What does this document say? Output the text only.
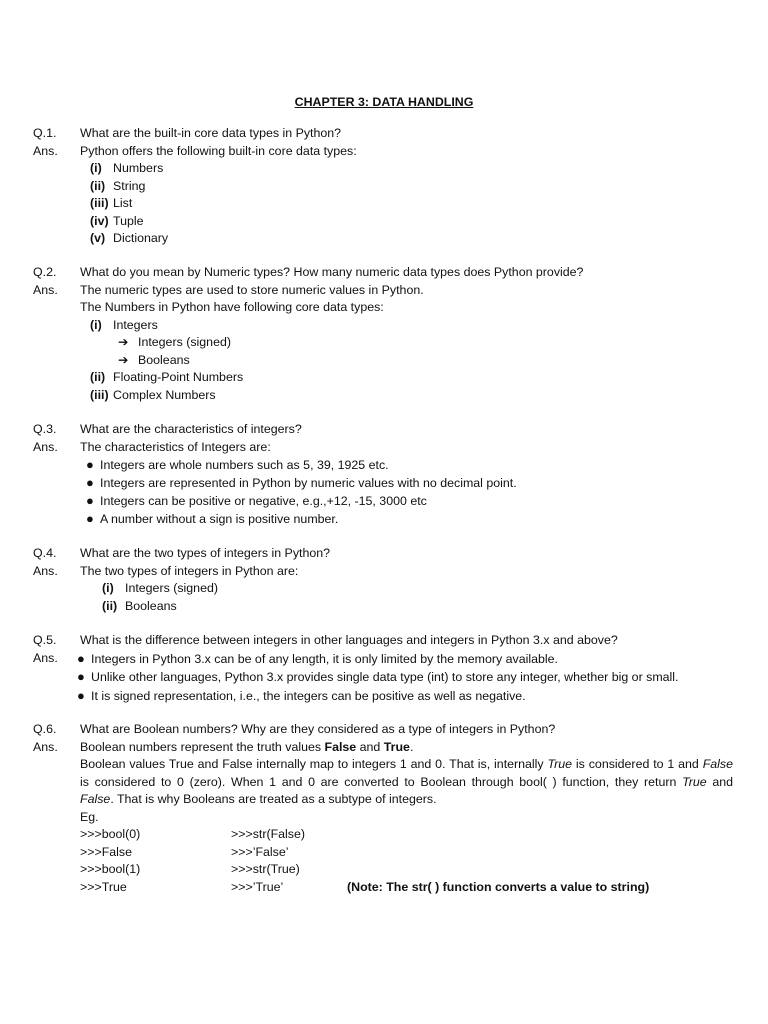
CHAPTER 3: DATA HANDLING
Q.1. What are the built-in core data types in Python?
Ans. Python offers the following built-in core data types:
(i) Numbers
(ii) String
(iii) List
(iv) Tuple
(v) Dictionary
Q.2. What do you mean by Numeric types? How many numeric data types does Python provide?
Ans. The numeric types are used to store numeric values in Python.
The Numbers in Python have following core data types:
(i) Integers
➔ Integers (signed)
➔ Booleans
(ii) Floating-Point Numbers
(iii) Complex Numbers
Q.3. What are the characteristics of integers?
Ans. The characteristics of Integers are:
● Integers are whole numbers such as 5, 39, 1925 etc.
● Integers are represented in Python by numeric values with no decimal point.
● Integers can be positive or negative, e.g.,+12, -15, 3000 etc
● A number without a sign is positive number.
Q.4. What are the two types of integers in Python?
Ans. The two types of integers in Python are:
(i) Integers (signed)
(ii) Booleans
Q.5. What is the difference between integers in other languages and integers in Python 3.x and above?
Ans. ● Integers in Python 3.x can be of any length, it is only limited by the memory available.
● Unlike other languages, Python 3.x provides single data type (int) to store any integer, whether big or small.
● It is signed representation, i.e., the integers can be positive as well as negative.
Q.6. What are Boolean numbers? Why are they considered as a type of integers in Python?
Ans. Boolean numbers represent the truth values False and True.
Boolean values True and False internally map to integers 1 and 0. That is, internally True is considered to 1 and False
is considered to 0 (zero). When 1 and 0 are converted to Boolean through bool( ) function, they return True and
False. That is why Booleans are treated as a subtype of integers.
Eg.
>>>bool(0)
>>>False
>>>bool(1)
>>>True
>>>str(False)
>>>’False’
>>>str(True)
>>>’True’	(Note: The str( ) function converts a value to string)
